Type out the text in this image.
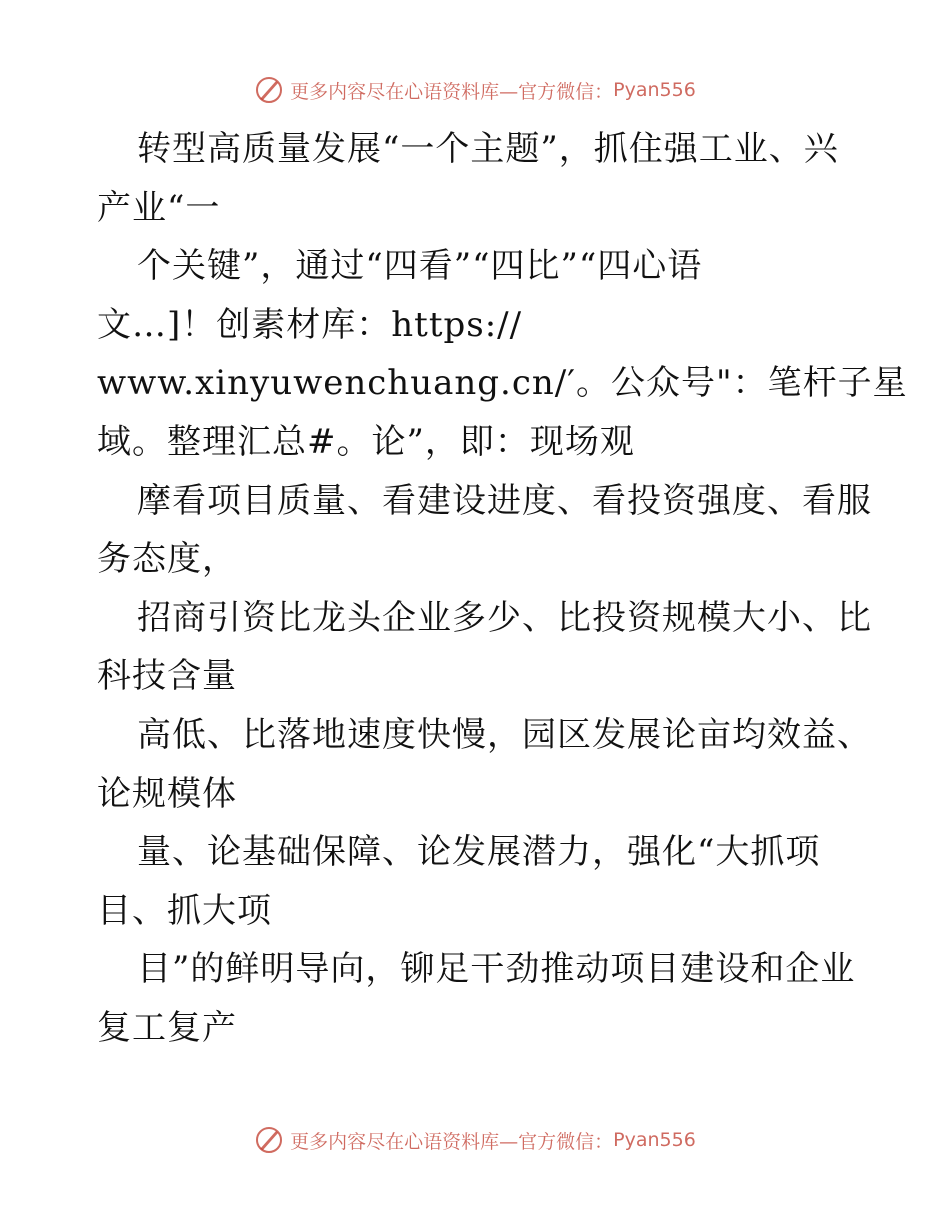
更多内容尽在心语资料库—官方微信： Pyan556
转型高质量发展“一个主题”，抓住强工业、兴
产业“一
个关键”，通过“四看”“四比”“四心语
文…]！创素材库：https://
www.xinyuwenchuang.cn/′。公众号"：笔杆子星
域。整理汇总#。论”，即：现场观
摩看项目质量、看建设进度、看投资强度、看服
务态度，
招商引资比龙头企业多少、比投资规模大小、比
科技含量
高低、比落地速度快慢，园区发展论亩均效益、
论规模体
量、论基础保障、论发展潜力，强化“大抓项
目、抓大项
目”的鲜明导向，铆足干劲推动项目建设和企业
复工复产
更多内容尽在心语资料库—官方微信： Pyan556
